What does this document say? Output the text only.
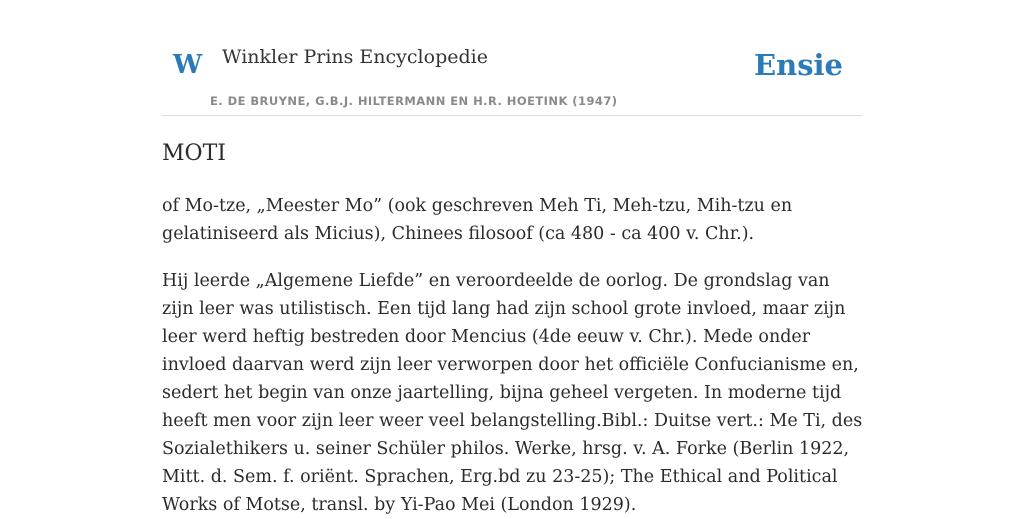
W Winkler Prins Encyclopedie
E. DE BRUYNE, G.B.J. HILTERMANN EN H.R. HOETINK (1947)
Ensie
MOTI

of Mo-tze, „Meester Mo” (ook geschreven Meh Ti, Meh-tzu, Mih-tzu en gelatiniseerd als Micius), Chinees filosoof (ca 480 - ca 400 v. Chr.).

Hij leerde „Algemene Liefde” en veroordeelde de oorlog. De grondslag van zijn leer was utilistisch. Een tijd lang had zijn school grote invloed, maar zijn leer werd heftig bestreden door Mencius (4de eeuw v. Chr.). Mede onder invloed daarvan werd zijn leer verworpen door het officiële Confucianisme en, sedert het begin van onze jaartelling, bijna geheel vergeten. In moderne tijd heeft men voor zijn leer weer veel belangstelling.Bibl.: Duitse vert.: Me Ti, des Sozialethikers u. seiner Schüler philos. Werke, hrsg. v. A. Forke (Berlin 1922, Mitt. d. Sem. f. oriënt. Sprachen, Erg.bd zu 23-25); The Ethical and Political Works of Motse, transl. by Yi-Pao Mei (London 1929).
